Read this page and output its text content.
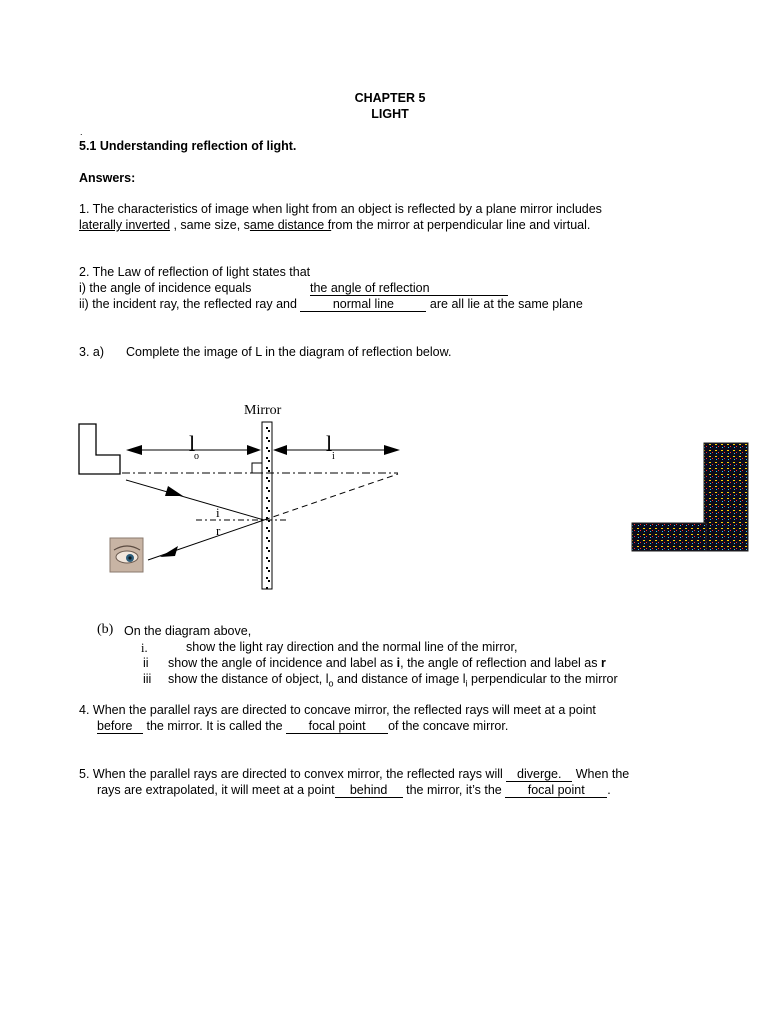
CHAPTER 5
LIGHT
.
5.1 Understanding reflection of light.
Answers:
1. The characteristics of image when light from an object is reflected by a plane mirror includes
laterally inverted , same size, same distance from the mirror at perpendicular line and virtual.
2. The Law of reflection of light states that
i) the angle of incidence equals	the angle of reflection
ii) the incident ray, the reflected ray and	normal line	are all lie at the same plane
3. a) Complete the image of L in the diagram of reflection below.
Mirror
l
o
l
i
i
r
(b) On the diagram above,
i.	show the light ray direction and the normal line of the mirror,
ii show the angle of incidence and label as i, the angle of reflection and label as r
iii show the distance of object, $l_o$ and distance of image $l_i$ perpendicular to the mirror
4. When the parallel rays are directed to concave mirror, the reflected rays will meet at a point
before the mirror. It is called the focal point of the concave mirror.
5. When the parallel rays are directed to convex mirror, the reflected rays will diverge. When the
rays are extrapolated, it will meet at a point behind the mirror, it’s the focal point .
